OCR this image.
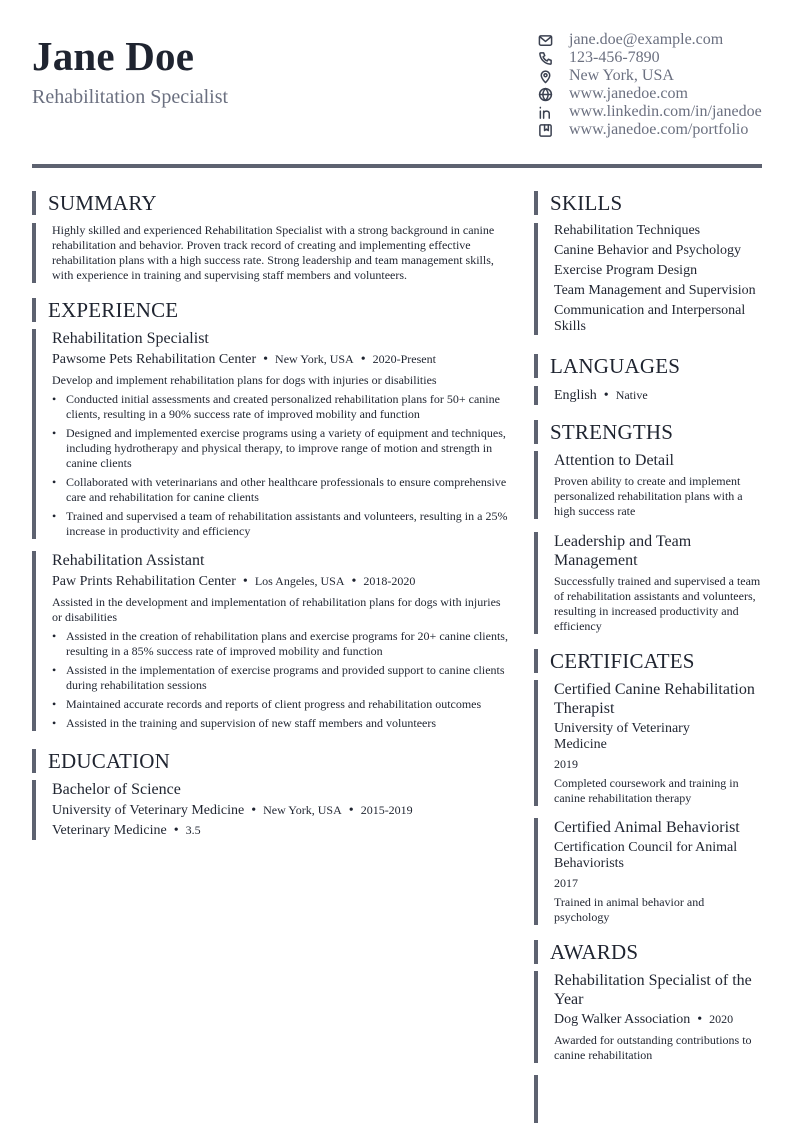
Jane Doe
Rehabilitation Specialist
jane.doe@example.com
123-456-7890
New York, USA
www.janedoe.com
www.linkedin.com/in/janedoe
www.janedoe.com/portfolio
SUMMARY

Highly skilled and experienced Rehabilitation Specialist with a strong background in canine rehabilitation and behavior. Proven track record of creating and implementing effective rehabilitation plans with a high success rate. Strong leadership and team management skills, with experience in training and supervising staff members and volunteers.

EXPERIENCE
Rehabilitation Specialist
Pawsome Pets Rehabilitation Center • New York, USA • 2020-Present
Develop and implement rehabilitation plans for dogs with injuries or disabilities
• Conducted initial assessments and created personalized rehabilitation plans for 50+ canine clients, resulting in a 90% success rate of improved mobility and function
• Designed and implemented exercise programs using a variety of equipment and techniques, including hydrotherapy and physical therapy, to improve range of motion and strength in canine clients
• Collaborated with veterinarians and other healthcare professionals to ensure comprehensive care and rehabilitation for canine clients
• Trained and supervised a team of rehabilitation assistants and volunteers, resulting in a 25% increase in productivity and efficiency
Rehabilitation Assistant
Paw Prints Rehabilitation Center • Los Angeles, USA • 2018-2020
Assisted in the development and implementation of rehabilitation plans for dogs with injuries or disabilities
• Assisted in the creation of rehabilitation plans and exercise programs for 20+ canine clients, resulting in a 85% success rate of improved mobility and function
• Assisted in the implementation of exercise programs and provided support to canine clients during rehabilitation sessions
• Maintained accurate records and reports of client progress and rehabilitation outcomes
• Assisted in the training and supervision of new staff members and volunteers
EDUCATION
Bachelor of Science
University of Veterinary Medicine • New York, USA • 2015-2019
Veterinary Medicine • 3.5
SKILLS
Rehabilitation Techniques
Canine Behavior and Psychology
Exercise Program Design
Team Management and Supervision
Communication and Interpersonal Skills
LANGUAGES
English • Native
STRENGTHS
Attention to Detail
Proven ability to create and implement personalized rehabilitation plans with a high success rate
Leadership and Team Management
Successfully trained and supervised a team of rehabilitation assistants and volunteers, resulting in increased productivity and efficiency
CERTIFICATES
Certified Canine Rehabilitation Therapist
University of Veterinary Medicine
2019
Completed coursework and training in canine rehabilitation therapy
Certified Animal Behaviorist
Certification Council for Animal Behaviorists
2017
Trained in animal behavior and psychology
AWARDS
Rehabilitation Specialist of the Year
Dog Walker Association • 2020
Awarded for outstanding contributions to canine rehabilitation
